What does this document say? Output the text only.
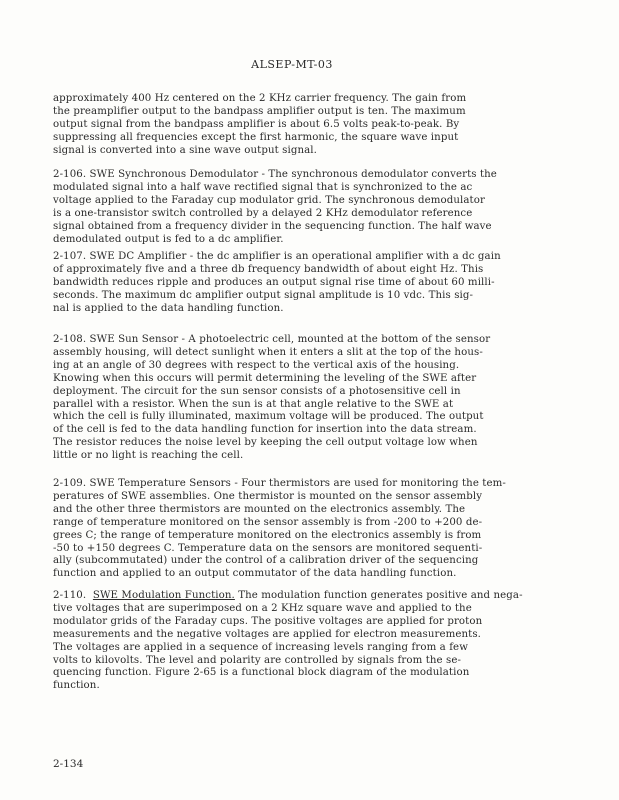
ALSEP-MT-03
approximately 400 Hz centered on the 2 KHz carrier frequency. The gain from
the preamplifier output to the bandpass amplifier output is ten. The maximum
output signal from the bandpass amplifier is about 6.5 volts peak-to-peak. By
suppressing all frequencies except the first harmonic, the square wave input
signal is converted into a sine wave output signal.
2-106. SWE Synchronous Demodulator - The synchronous demodulator converts the
modulated signal into a half wave rectified signal that is synchronized to the ac
voltage applied to the Faraday cup modulator grid. The synchronous demodulator
is a one-transistor switch controlled by a delayed 2 KHz demodulator reference
signal obtained from a frequency divider in the sequencing function. The half wave
demodulated output is fed to a dc amplifier.
2-107. SWE DC Amplifier - the dc amplifier is an operational amplifier with a dc gain
of approximately five and a three db frequency bandwidth of about eight Hz. This
bandwidth reduces ripple and produces an output signal rise time of about 60 milli-
seconds. The maximum dc amplifier output signal amplitude is 10 vdc. This sig-
nal is applied to the data handling function.
2-108. SWE Sun Sensor - A photoelectric cell, mounted at the bottom of the sensor
assembly housing, will detect sunlight when it enters a slit at the top of the hous-
ing at an angle of 30 degrees with respect to the vertical axis of the housing.
Knowing when this occurs will permit determining the leveling of the SWE after
deployment. The circuit for the sun sensor consists of a photosensitive cell in
parallel with a resistor. When the sun is at that angle relative to the SWE at
which the cell is fully illuminated, maximum voltage will be produced. The output
of the cell is fed to the data handling function for insertion into the data stream.
The resistor reduces the noise level by keeping the cell output voltage low when
little or no light is reaching the cell.
2-109. SWE Temperature Sensors - Four thermistors are used for monitoring the tem-
peratures of SWE assemblies. One thermistor is mounted on the sensor assembly
and the other three thermistors are mounted on the electronics assembly. The
range of temperature monitored on the sensor assembly is from -200 to +200 de-
grees C; the range of temperature monitored on the electronics assembly is from
-50 to +150 degrees C. Temperature data on the sensors are monitored sequenti-
ally (subcommutated) under the control of a calibration driver of the sequencing
function and applied to an output commutator of the data handling function.
2-110. SWE Modulation Function. The modulation function generates positive and nega-
tive voltages that are superimposed on a 2 KHz square wave and applied to the
modulator grids of the Faraday cups. The positive voltages are applied for proton
measurements and the negative voltages are applied for electron measurements.
The voltages are applied in a sequence of increasing levels ranging from a few
volts to kilovolts. The level and polarity are controlled by signals from the se-
quencing function. Figure 2-65 is a functional block diagram of the modulation
function.
2-134
